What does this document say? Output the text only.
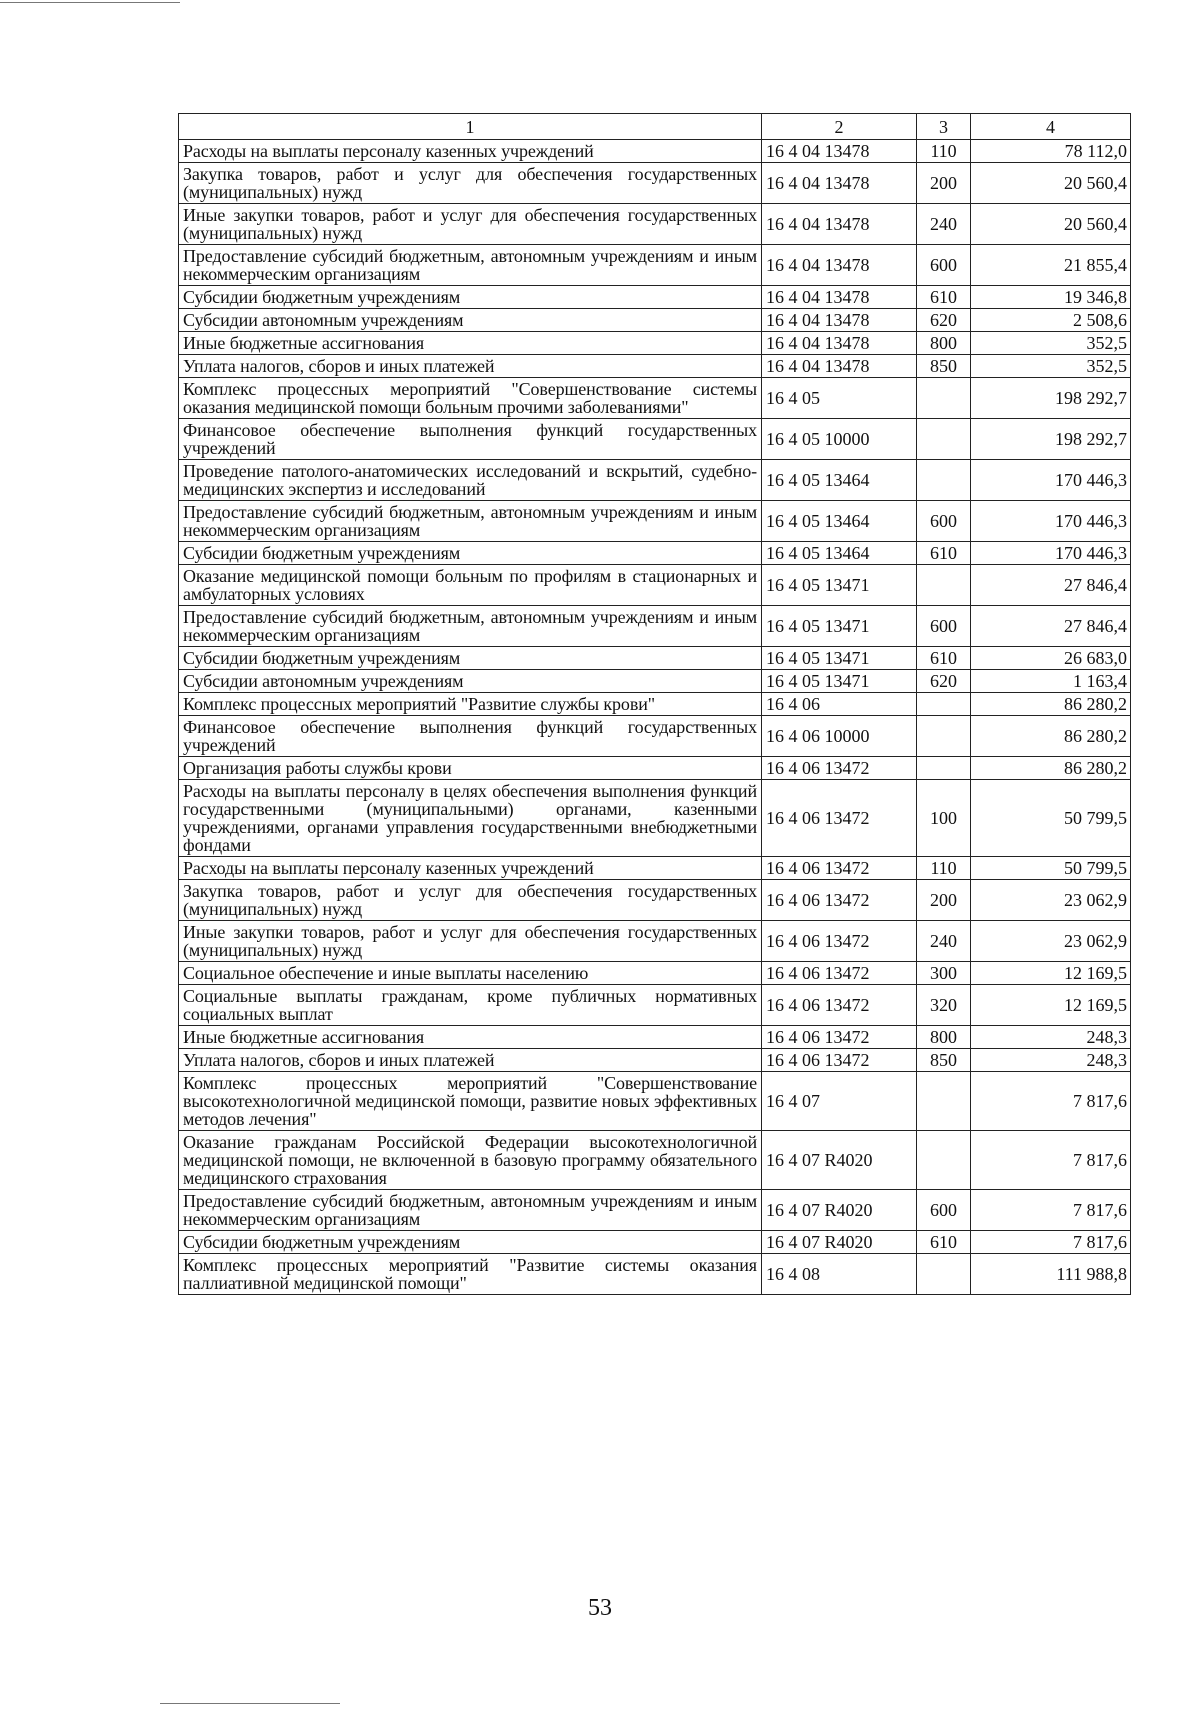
1	2	3	4
Расходы на выплаты персоналу казенных учреждений	16 4 04 13478	110	78 112,0
Закупка товаров, работ и услуг для обеспечения государственных (муниципальных) нужд	16 4 04 13478	200	20 560,4
Иные закупки товаров, работ и услуг для обеспечения государственных (муниципальных) нужд	16 4 04 13478	240	20 560,4
Предоставление субсидий бюджетным, автономным учреждениям и иным некоммерческим организациям	16 4 04 13478	600	21 855,4
Субсидии бюджетным учреждениям	16 4 04 13478	610	19 346,8
Субсидии автономным учреждениям	16 4 04 13478	620	2 508,6
Иные бюджетные ассигнования	16 4 04 13478	800	352,5
Уплата налогов, сборов и иных платежей	16 4 04 13478	850	352,5
Комплекс процессных мероприятий "Совершенствование системы оказания медицинской помощи больным прочими заболеваниями"	16 4 05		198 292,7
Финансовое обеспечение выполнения функций государственных учреждений	16 4 05 10000		198 292,7
Проведение патолого-анатомических исследований и вскрытий, судебно-медицинских экспертиз и исследований	16 4 05 13464		170 446,3
Предоставление субсидий бюджетным, автономным учреждениям и иным некоммерческим организациям	16 4 05 13464	600	170 446,3
Субсидии бюджетным учреждениям	16 4 05 13464	610	170 446,3
Оказание медицинской помощи больным по профилям в стационарных и амбулаторных условиях	16 4 05 13471		27 846,4
Предоставление субсидий бюджетным, автономным учреждениям и иным некоммерческим организациям	16 4 05 13471	600	27 846,4
Субсидии бюджетным учреждениям	16 4 05 13471	610	26 683,0
Субсидии автономным учреждениям	16 4 05 13471	620	1 163,4
Комплекс процессных мероприятий "Развитие службы крови"	16 4 06		86 280,2
Финансовое обеспечение выполнения функций государственных учреждений	16 4 06 10000		86 280,2
Организация работы службы крови	16 4 06 13472		86 280,2
Расходы на выплаты персоналу в целях обеспечения выполнения функций государственными (муниципальными) органами, казенными учреждениями, органами управления государственными внебюджетными фондами	16 4 06 13472	100	50 799,5
Расходы на выплаты персоналу казенных учреждений	16 4 06 13472	110	50 799,5
Закупка товаров, работ и услуг для обеспечения государственных (муниципальных) нужд	16 4 06 13472	200	23 062,9
Иные закупки товаров, работ и услуг для обеспечения государственных (муниципальных) нужд	16 4 06 13472	240	23 062,9
Социальное обеспечение и иные выплаты населению	16 4 06 13472	300	12 169,5
Социальные выплаты гражданам, кроме публичных нормативных социальных выплат	16 4 06 13472	320	12 169,5
Иные бюджетные ассигнования	16 4 06 13472	800	248,3
Уплата налогов, сборов и иных платежей	16 4 06 13472	850	248,3
Комплекс процессных мероприятий "Совершенствование высокотехнологичной медицинской помощи, развитие новых эффективных методов лечения"	16 4 07		7 817,6
Оказание гражданам Российской Федерации высокотехнологичной медицинской помощи, не включенной в базовую программу обязательного медицинского страхования	16 4 07 R4020		7 817,6
Предоставление субсидий бюджетным, автономным учреждениям и иным некоммерческим организациям	16 4 07 R4020	600	7 817,6
Субсидии бюджетным учреждениям	16 4 07 R4020	610	7 817,6
Комплекс процессных мероприятий "Развитие системы оказания паллиативной медицинской помощи"	16 4 08		111 988,8
53
